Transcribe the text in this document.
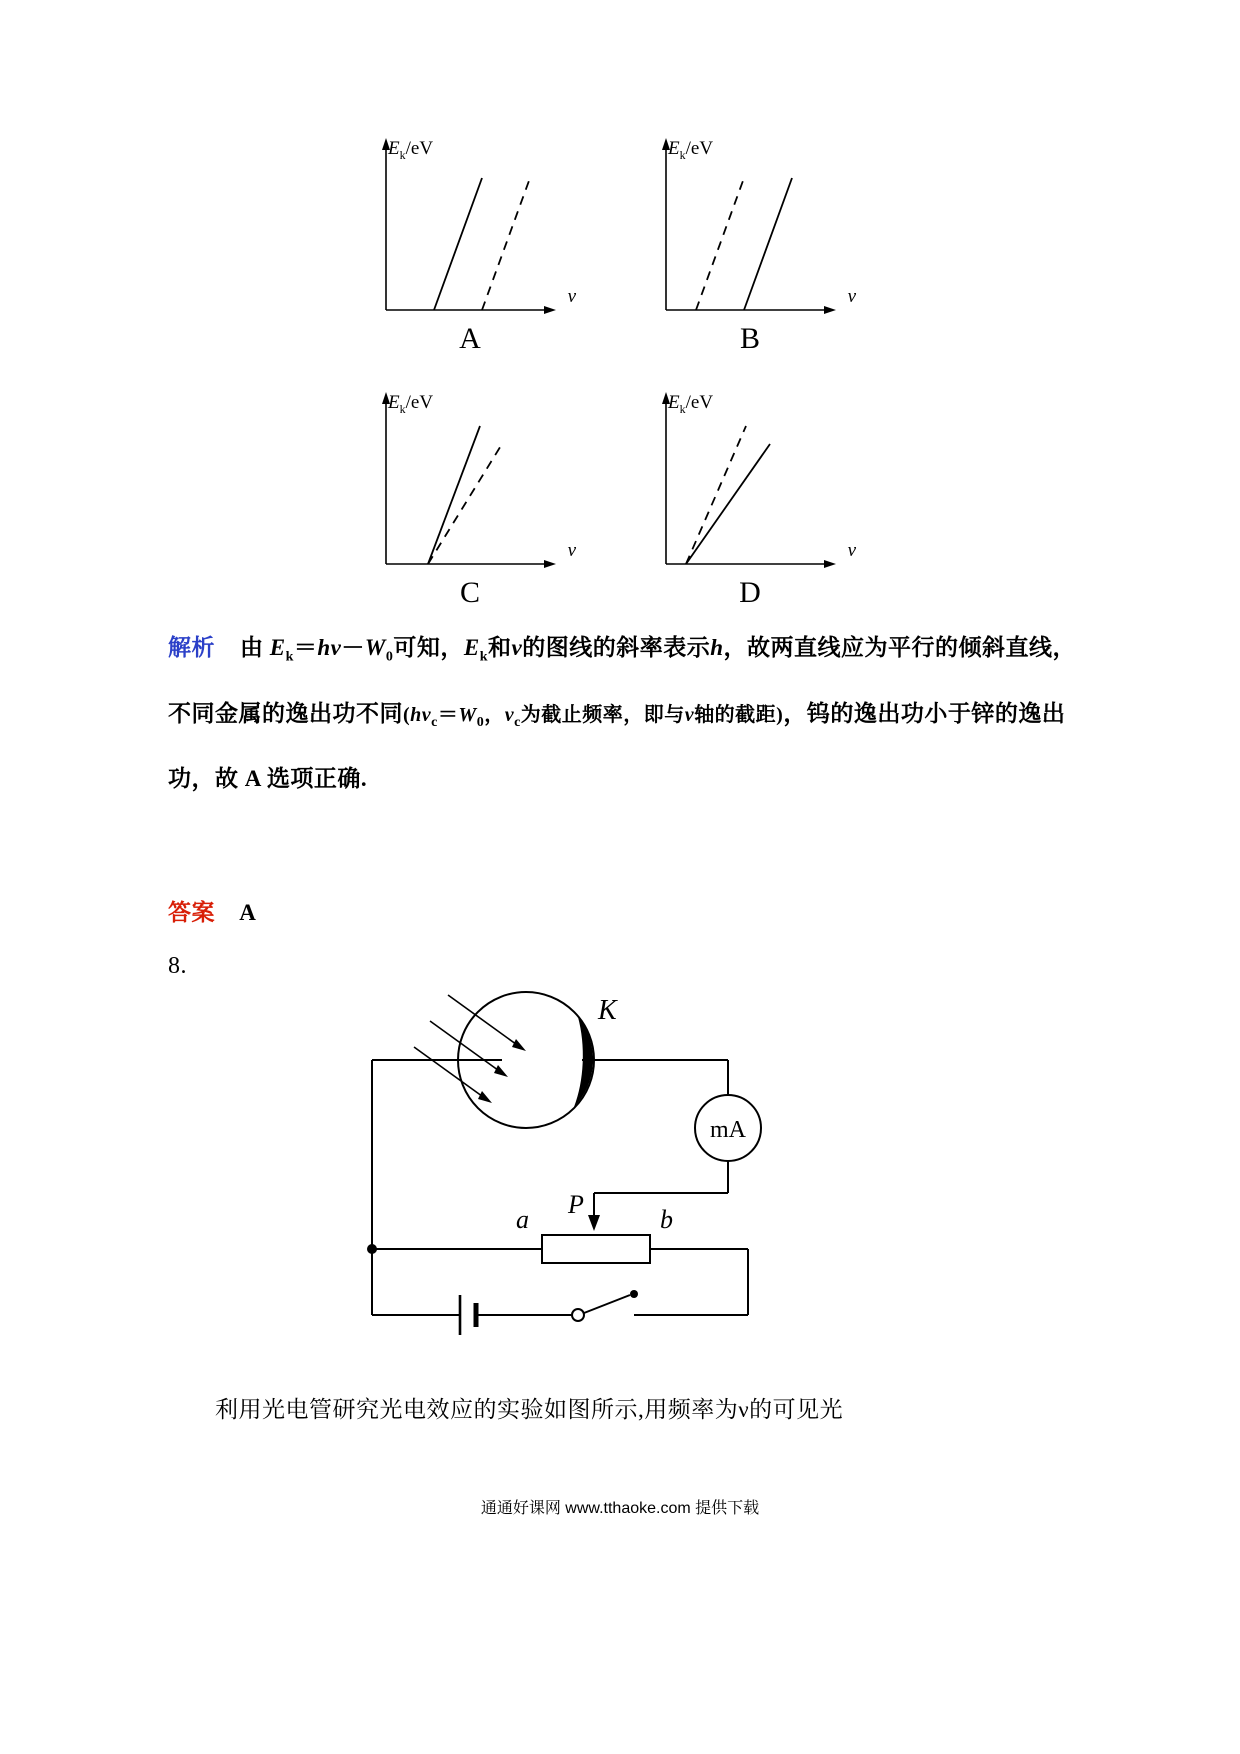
$E_k/eV$
v
A
$E_k/eV$
v
B
$E_k/eV$
v
C
$E_k/eV$
v
D
解析    由 $E_k=h\nu-W_0$可知，$E_k$和ν的图线的斜率表示h，故两直线应为平行的倾斜直线，不同金属的逸出功不同($h\nu_c=W_0$，$\nu_c$为截止频率，即与ν轴的截距)，钨的逸出功小于锌的逸出功，故 A 选项正确.
答案 A
8.
K
mA
P
a	b
利用光电管研究光电效应的实验如图所示,用频率为ν的可见光
通通好课网 www.tthaoke.com 提供下载
